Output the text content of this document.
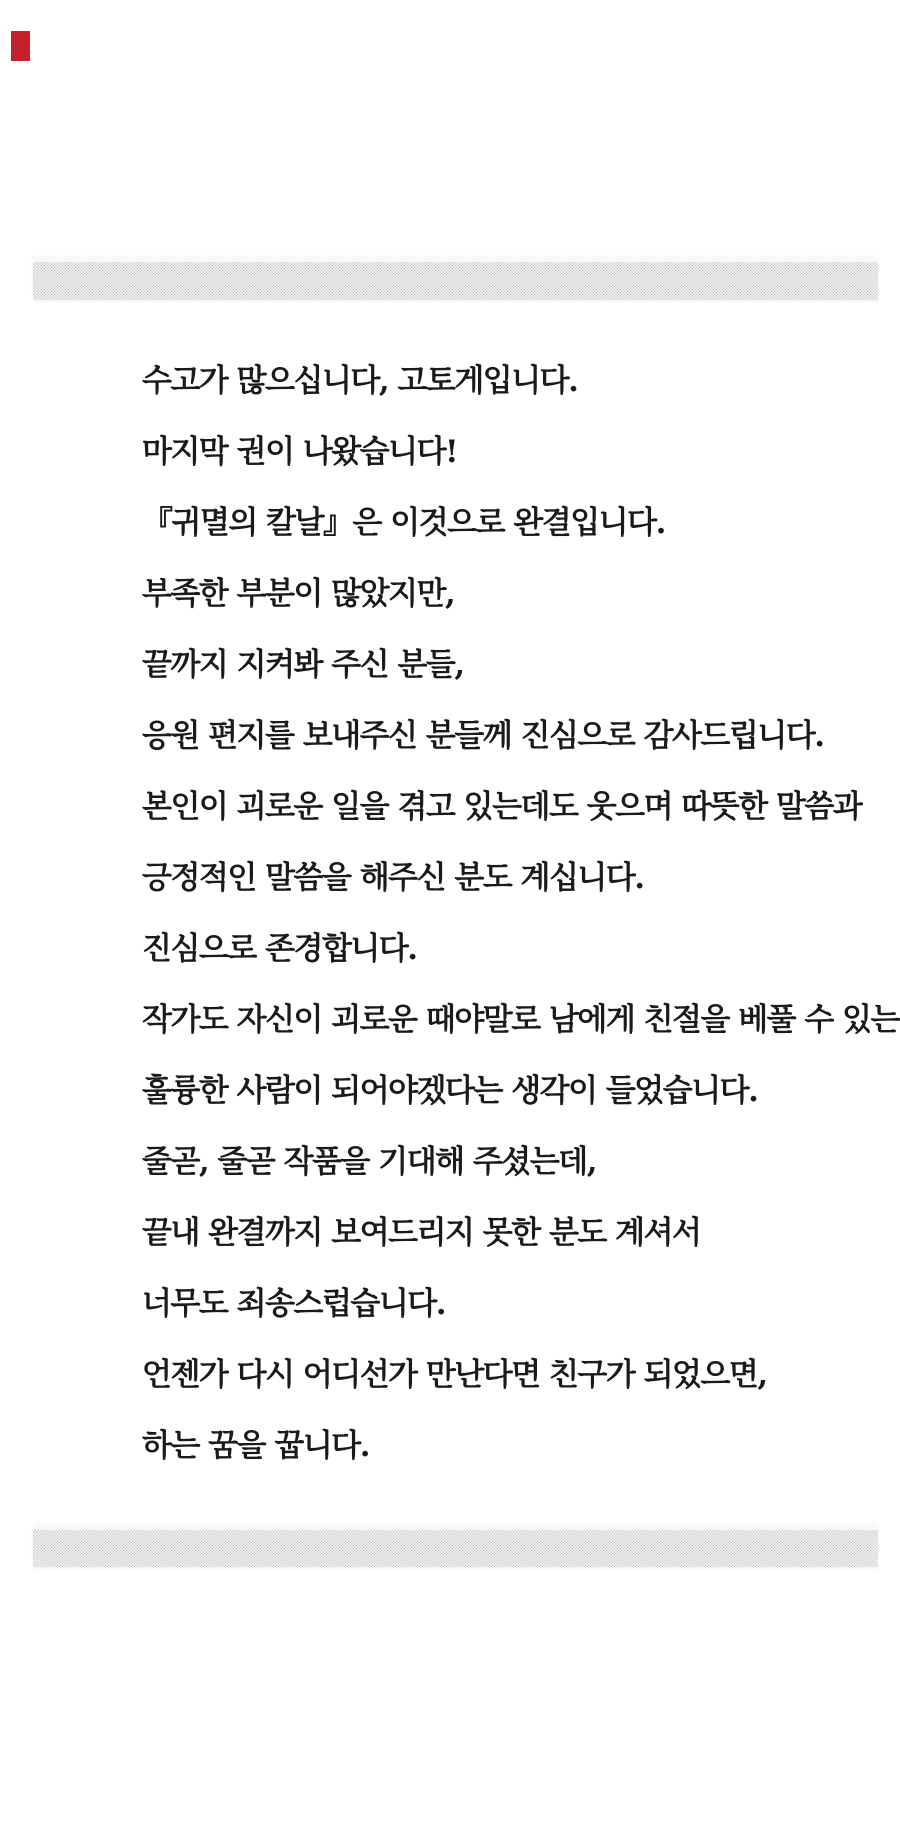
수고가 많으십니다, 고토게입니다.

마지막 권이 나왔습니다!

『귀멸의 칼날』은 이것으로 완결입니다.

부족한 부분이 많았지만,

끝까지 지켜봐 주신 분들,

응원 편지를 보내주신 분들께 진심으로 감사드립니다.

본인이 괴로운 일을 겪고 있는데도 웃으며 따뜻한 말씀과

긍정적인 말씀을 해주신 분도 계십니다.

진심으로 존경합니다.

작가도 자신이 괴로운 때야말로 남에게 친절을 베풀 수 있는

훌륭한 사람이 되어야겠다는 생각이 들었습니다.

줄곧, 줄곧 작품을 기대해 주셨는데,

끝내 완결까지 보여드리지 못한 분도 계셔서

너무도 죄송스럽습니다.

언젠가 다시 어디선가 만난다면 친구가 되었으면,

하는 꿈을 꿉니다.
